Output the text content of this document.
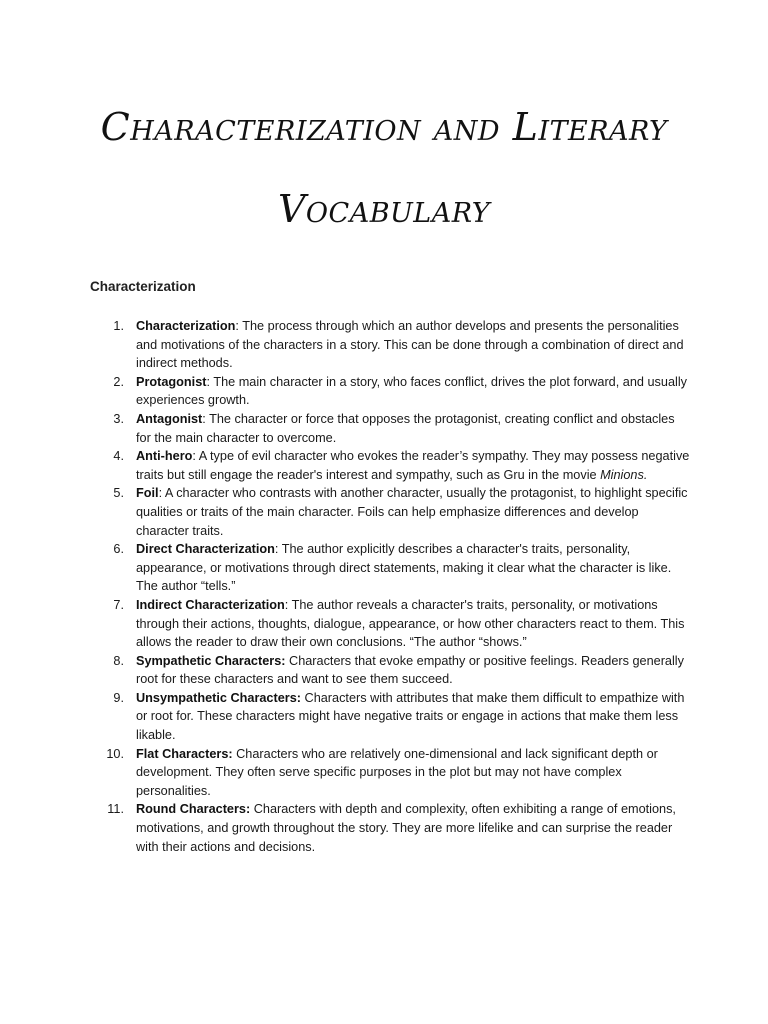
Characterization and Literary
Vocabulary
Characterization
1. Characterization: The process through which an author develops and presents the personalities and motivations of the characters in a story. This can be done through a combination of direct and indirect methods.
2. Protagonist: The main character in a story, who faces conflict, drives the plot forward, and usually experiences growth.
3. Antagonist: The character or force that opposes the protagonist, creating conflict and obstacles for the main character to overcome.
4. Anti-hero: A type of evil character who evokes the reader’s sympathy. They may possess negative traits but still engage the reader's interest and sympathy, such as Gru in the movie Minions.
5. Foil: A character who contrasts with another character, usually the protagonist, to highlight specific qualities or traits of the main character. Foils can help emphasize differences and develop character traits.
6. Direct Characterization: The author explicitly describes a character's traits, personality, appearance, or motivations through direct statements, making it clear what the character is like. The author “tells.”
7. Indirect Characterization: The author reveals a character's traits, personality, or motivations through their actions, thoughts, dialogue, appearance, or how other characters react to them. This allows the reader to draw their own conclusions. “The author “shows.”
8. Sympathetic Characters: Characters that evoke empathy or positive feelings. Readers generally root for these characters and want to see them succeed.
9. Unsympathetic Characters: Characters with attributes that make them difficult to empathize with or root for. These characters might have negative traits or engage in actions that make them less likable.
10. Flat Characters: Characters who are relatively one-dimensional and lack significant depth or development. They often serve specific purposes in the plot but may not have complex personalities.
11. Round Characters: Characters with depth and complexity, often exhibiting a range of emotions, motivations, and growth throughout the story. They are more lifelike and can surprise the reader with their actions and decisions.
